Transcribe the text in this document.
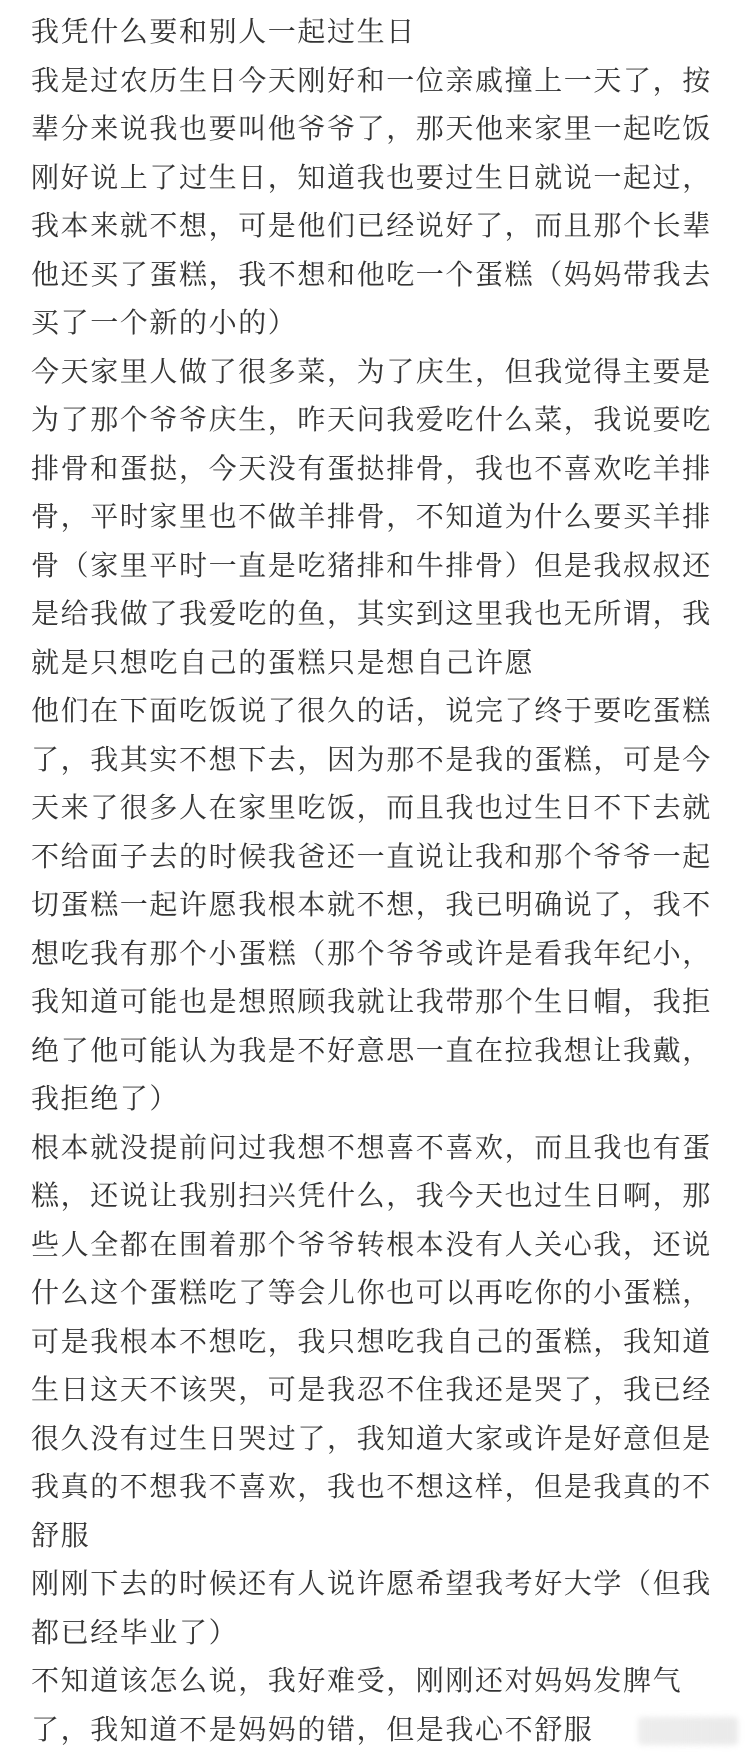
我凭什么要和别人一起过生日
我是过农历生日今天刚好和一位亲戚撞上一天了，按
辈分来说我也要叫他爷爷了，那天他来家里一起吃饭
刚好说上了过生日，知道我也要过生日就说一起过，
我本来就不想，可是他们已经说好了，而且那个长辈
他还买了蛋糕，我不想和他吃一个蛋糕（妈妈带我去
买了一个新的小的）
今天家里人做了很多菜，为了庆生，但我觉得主要是
为了那个爷爷庆生，昨天问我爱吃什么菜，我说要吃
排骨和蛋挞，今天没有蛋挞排骨，我也不喜欢吃羊排
骨，平时家里也不做羊排骨，不知道为什么要买羊排
骨（家里平时一直是吃猪排和牛排骨）但是我叔叔还
是给我做了我爱吃的鱼，其实到这里我也无所谓，我
就是只想吃自己的蛋糕只是想自己许愿
他们在下面吃饭说了很久的话，说完了终于要吃蛋糕
了，我其实不想下去，因为那不是我的蛋糕，可是今
天来了很多人在家里吃饭，而且我也过生日不下去就
不给面子去的时候我爸还一直说让我和那个爷爷一起
切蛋糕一起许愿我根本就不想，我已明确说了，我不
想吃我有那个小蛋糕（那个爷爷或许是看我年纪小，
我知道可能也是想照顾我就让我带那个生日帽，我拒
绝了他可能认为我是不好意思一直在拉我想让我戴，
我拒绝了）
根本就没提前问过我想不想喜不喜欢，而且我也有蛋
糕，还说让我别扫兴凭什么，我今天也过生日啊，那
些人全都在围着那个爷爷转根本没有人关心我，还说
什么这个蛋糕吃了等会儿你也可以再吃你的小蛋糕，
可是我根本不想吃，我只想吃我自己的蛋糕，我知道
生日这天不该哭，可是我忍不住我还是哭了，我已经
很久没有过生日哭过了，我知道大家或许是好意但是
我真的不想我不喜欢，我也不想这样，但是我真的不
舒服
刚刚下去的时候还有人说许愿希望我考好大学（但我
都已经毕业了）
不知道该怎么说，我好难受，刚刚还对妈妈发脾气
了，我知道不是妈妈的错，但是我心不舒服
